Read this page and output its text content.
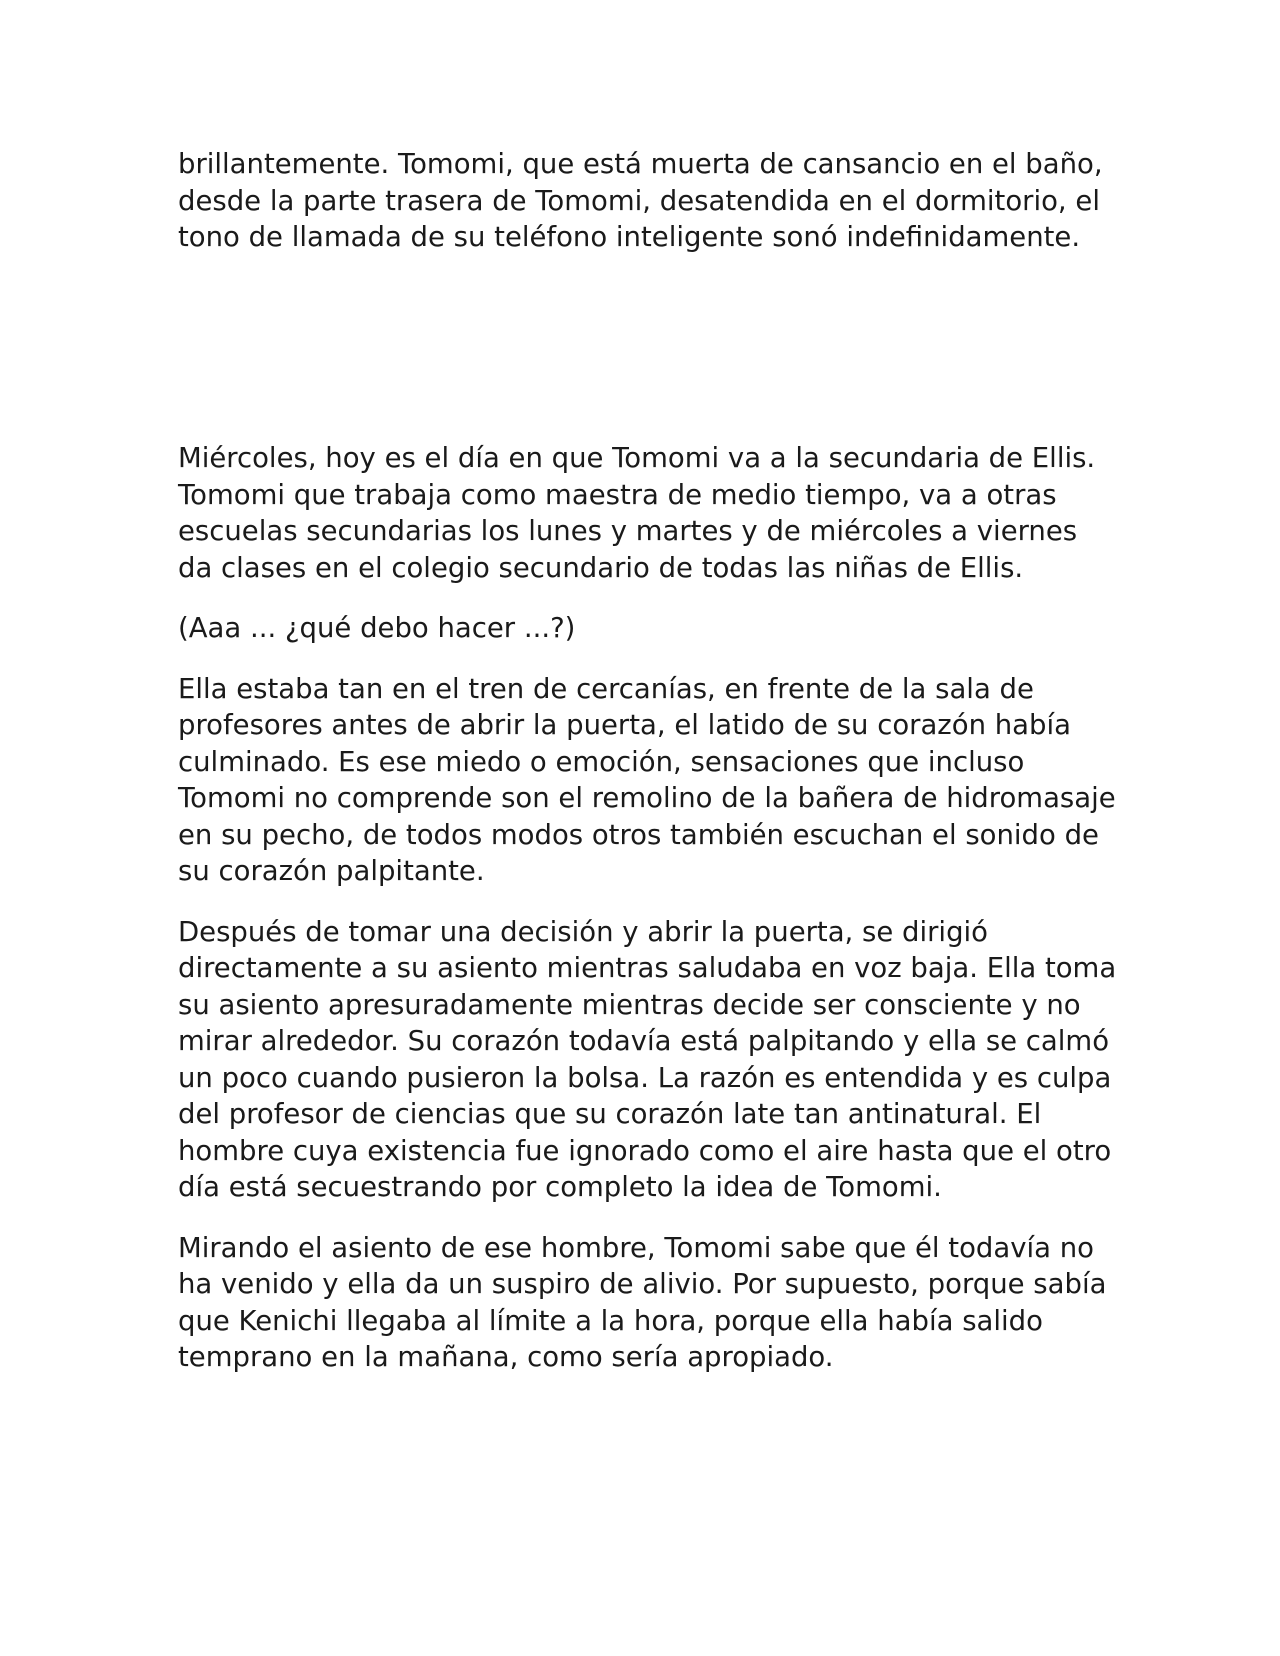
brillantemente. Tomomi, que está muerta de cansancio en el baño, desde la parte trasera de Tomomi, desatendida en el dormitorio, el tono de llamada de su teléfono inteligente sonó indefinidamente.

Miércoles, hoy es el día en que Tomomi va a la secundaria de Ellis. Tomomi que trabaja como maestra de medio tiempo, va a otras escuelas secundarias los lunes y martes y de miércoles a viernes da clases en el colegio secundario de todas las niñas de Ellis.

(Aaa ... ¿qué debo hacer ...?)

Ella estaba tan en el tren de cercanías, en frente de la sala de profesores antes de abrir la puerta, el latido de su corazón había culminado. Es ese miedo o emoción, sensaciones que incluso Tomomi no comprende son el remolino de la bañera de hidromasaje en su pecho, de todos modos otros también escuchan el sonido de su corazón palpitante.

Después de tomar una decisión y abrir la puerta, se dirigió directamente a su asiento mientras saludaba en voz baja. Ella toma su asiento apresuradamente mientras decide ser consciente y no mirar alrededor. Su corazón todavía está palpitando y ella se calmó un poco cuando pusieron la bolsa. La razón es entendida y es culpa del profesor de ciencias que su corazón late tan antinatural. El hombre cuya existencia fue ignorado como el aire hasta que el otro día está secuestrando por completo la idea de Tomomi.

Mirando el asiento de ese hombre, Tomomi sabe que él todavía no ha venido y ella da un suspiro de alivio. Por supuesto, porque sabía que Kenichi llegaba al límite a la hora, porque ella había salido temprano en la mañana, como sería apropiado.
